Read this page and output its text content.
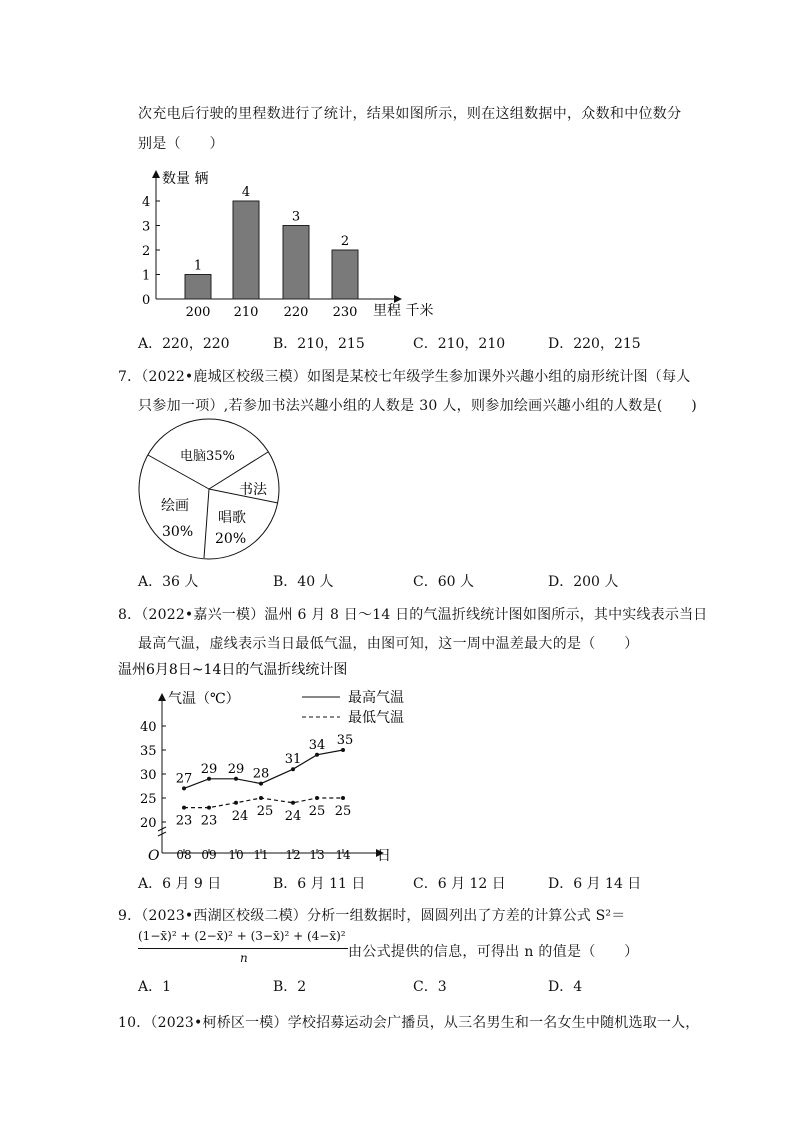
次充电后行驶的里程数进行了统计，结果如图所示，则在这组数据中，众数和中位数分
别是（　　）
数量 辆
里程 千米
0
1
2
3
4
1
200
4
210
3
220
2
230
A．220，220	B．210，215	C．210，210	D．220，215
7．（2022•鹿城区校级三模）如图是某校七年级学生参加课外兴趣小组的扇形统计图（每人
只参加一项）,若参加书法兴趣小组的人数是 30 人，则参加绘画兴趣小组的人数是(　　)
电脑35%
书法
唱歌
20%
绘画
30%
A．36 人	B．40 人	C．60 人	D．200 人
8．（2022•嘉兴一模）温州 6 月 8 日～14 日的气温折线统计图如图所示，其中实线表示当日
最高气温，虚线表示当日最低气温，由图可知，这一周中温差最大的是（　　）
温州6月8日~14日的气温折线统计图
气温（℃）
日
O
最高气温
最低气温
20
25
30
35
40
08 09 10 11 12 13 14
27
29 29 28
31
34 35
23 23 24 25 24 25 25
A．6 月 9 日	B．6 月 11 日	C．6 月 12 日	D．6 月 14 日
9．（2023•西湖区校级二模）分析一组数据时，圆圆列出了方差的计算公式 S²＝
(1−x̄)² + (2−x̄)² + (3−x̄)² + (4−x̄)²
n	由公式提供的信息，可得出 n 的值是（　　）
A．1	B．2	C．3	D．4
10．（2023•柯桥区一模）学校招募运动会广播员，从三名男生和一名女生中随机选取一人，
